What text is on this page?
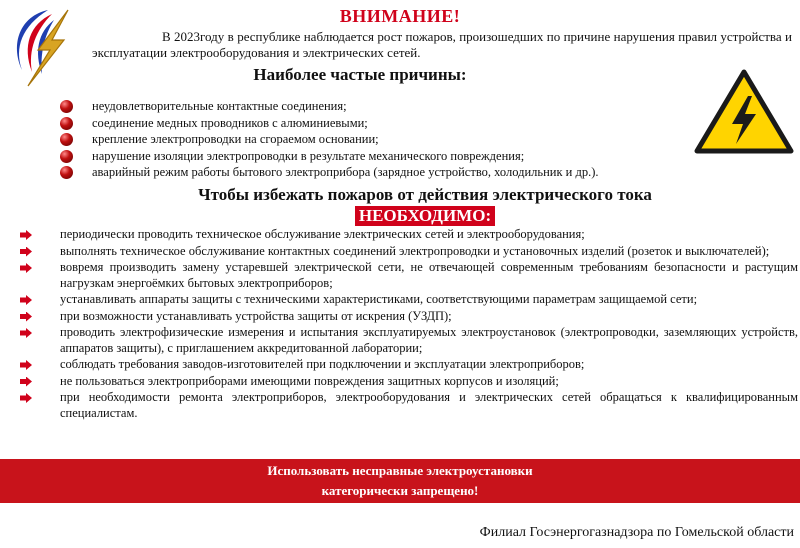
ВНИМАНИЕ!
В 2023году в республике наблюдается рост пожаров, произошедших по причине нарушения правил устройства и эксплуатации электрооборудования и электрических сетей.
Наиболее частые причины:
неудовлетворительные контактные соединения;
соединение медных проводников с алюминиевыми;
крепление электропроводки на сгораемом основании;
нарушение изоляции электропроводки в результате механического повреждения;
аварийный режим работы бытового электроприбора (зарядное устройство, холодильник и др.).
Чтобы избежать пожаров от действия электрического тока
НЕОБХОДИМО:
периодически проводить техническое обслуживание электрических сетей и электрооборудования;
выполнять техническое обслуживание контактных соединений электропроводки и установочных изделий (розеток и выключателей);
вовремя производить замену устаревшей электрической сети, не отвечающей современным требованиям безопасности и растущим нагрузкам энергоёмких бытовых электроприборов;
устанавливать аппараты защиты с техническими характеристиками, соответствующими параметрам защищаемой сети;
при возможности устанавливать устройства защиты от искрения (УЗДП);
проводить электрофизические измерения и испытания эксплуатируемых электроустановок (электропроводки, заземляющих устройств, аппаратов защиты), с приглашением аккредитованной лаборатории;
соблюдать требования заводов-изготовителей при подключении и эксплуатации электроприборов;
не пользоваться электроприборами имеющими повреждения защитных корпусов и изоляций;
при необходимости ремонта электроприборов, электрооборудования и электрических сетей обращаться к квалифицированным специалистам.
Использовать несправные электроустановки
категорически запрещено!
Филиал Госэнергогазнадзора по Гомельской области
